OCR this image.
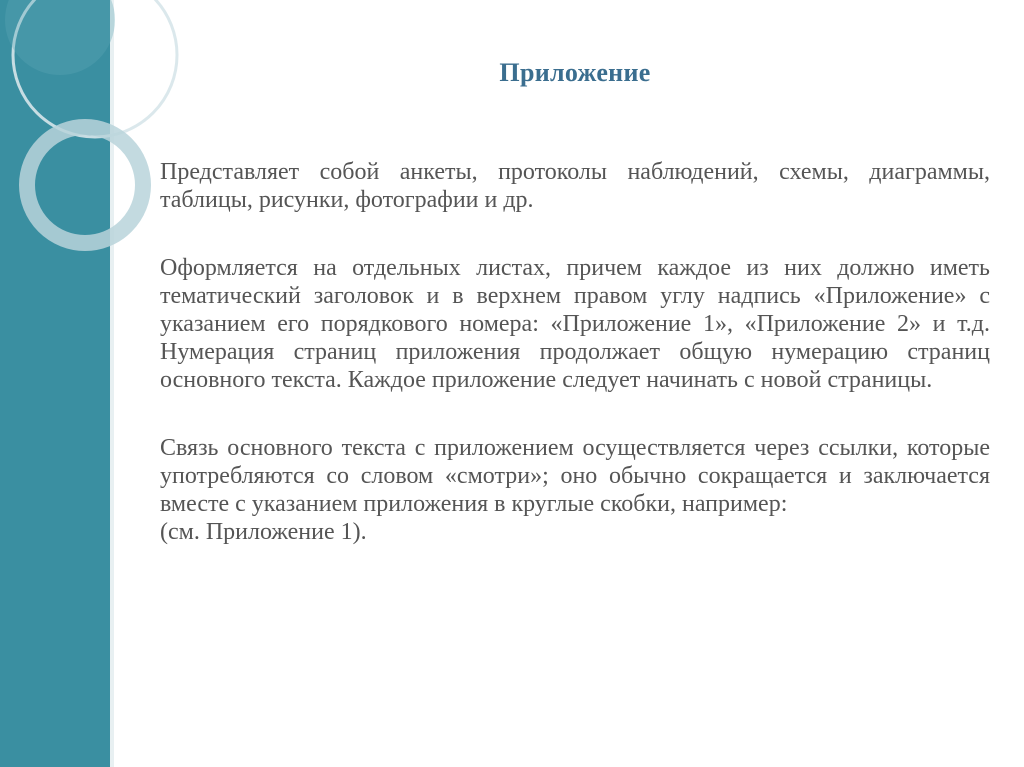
Приложение

Представляет собой анкеты, протоколы наблюдений, схемы, диаграммы, таблицы, рисунки, фотографии и др.

Оформляется на отдельных листах, причем каждое из них должно иметь тематический заголовок и в верхнем правом углу надпись «Приложение» с указанием его порядкового номера: «Приложение 1», «Приложение 2» и т.д. Нумерация страниц приложения продолжает общую нумерацию страниц основного текста. Каждое приложение следует начинать с новой страницы.

Связь основного текста с приложением осуществляется через ссылки, которые употребляются со словом «смотри»; оно обычно сокращается и заключается вместе с указанием приложения в круглые скобки, например:
(см. Приложение 1).
